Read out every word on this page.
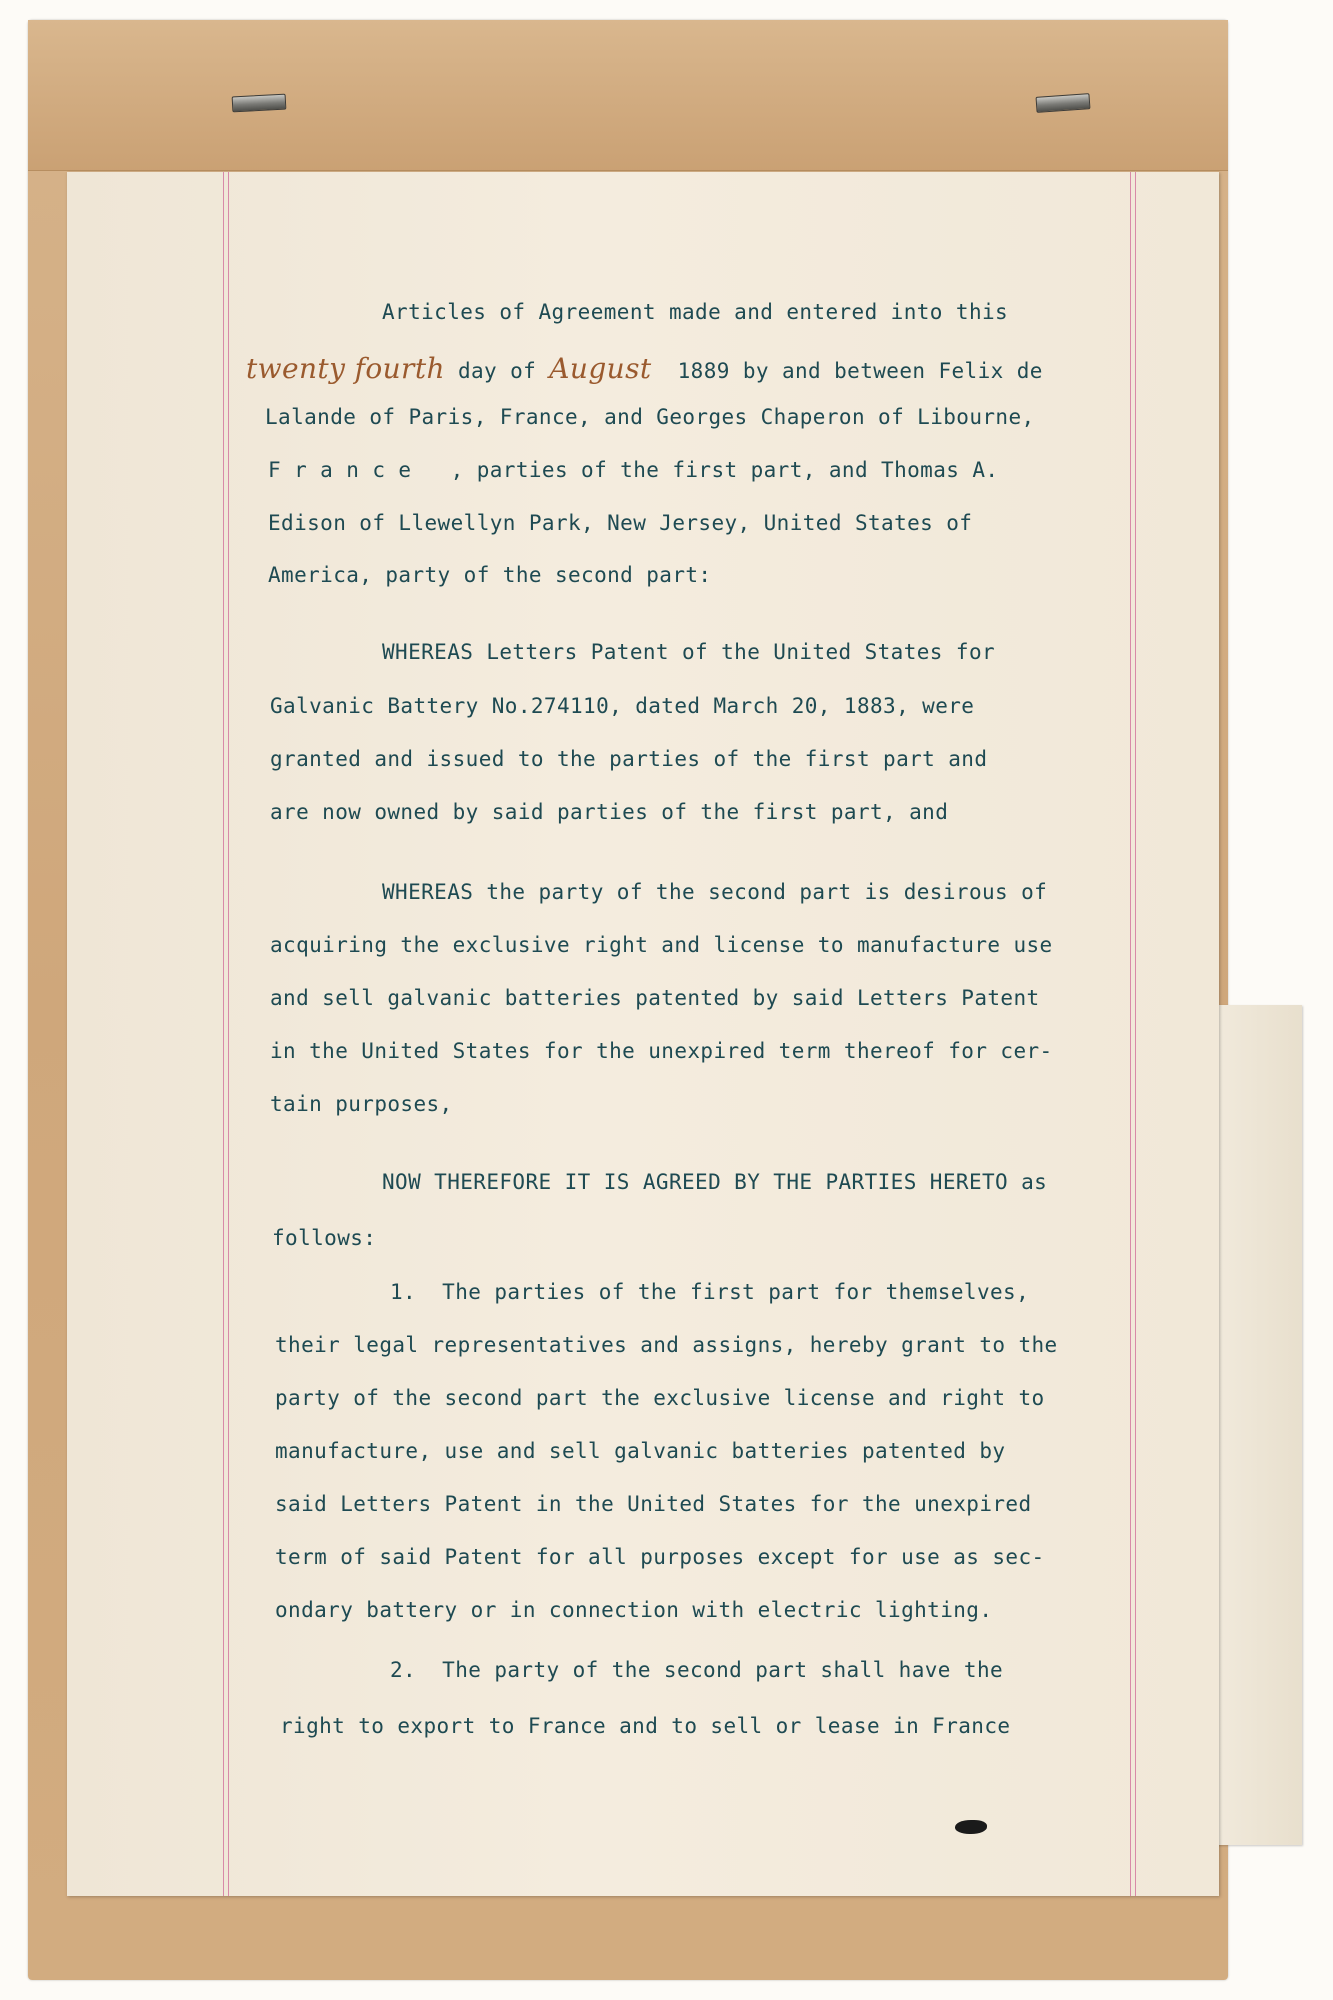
Articles of Agreement made and entered into this
twenty fourth day of August  1889 by and between Felix de
Lalande of Paris, France, and Georges Chaperon of Libourne,
F r a n c e   , parties of the first part, and Thomas A.
Edison of Llewellyn Park, New Jersey, United States of
America, party of the second part:
WHEREAS Letters Patent of the United States for
Galvanic Battery No.274110, dated March 20, 1883, were
granted and issued to the parties of the first part and
are now owned by said parties of the first part, and
WHEREAS the party of the second part is desirous of
acquiring the exclusive right and license to manufacture use
and sell galvanic batteries patented by said Letters Patent
in the United States for the unexpired term thereof for cer-
tain purposes,
NOW THEREFORE IT IS AGREED BY THE PARTIES HERETO as
follows:
1.  The parties of the first part for themselves,
their legal representatives and assigns, hereby grant to the
party of the second part the exclusive license and right to
manufacture, use and sell galvanic batteries patented by
said Letters Patent in the United States for the unexpired
term of said Patent for all purposes except for use as sec-
ondary battery or in connection with electric lighting.
2.  The party of the second part shall have the
right to export to France and to sell or lease in France
